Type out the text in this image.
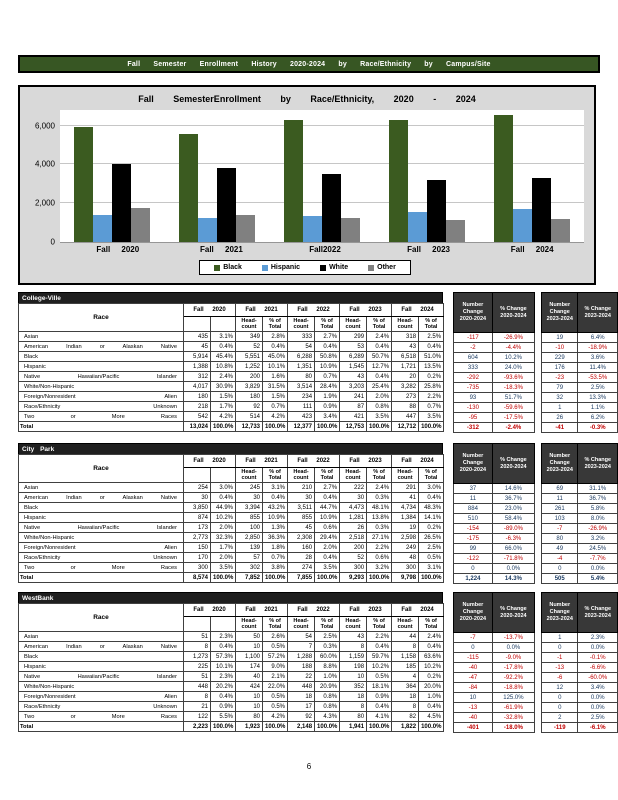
Fall Semester Enrollment History 2020-2024 by Race/Ethnicity by Campus/Site
Fall SemesterEnrollment by Race/Ethnicity, 2020 - 2024
0
2,000
4,000
6,000
Fall 2020	Fall 2021	Fall2022	Fall 2023	Fall 2024
Black	Hispanic	White	Other
College-Ville
Race	Fall 2020		Fall 2021		Fall 2022		Fall 2023		Fall 2024	
			Head-count	% of Total	Head-count	% of Total	Head-count	% of Total	Head-count	% of Total

Asian	435	3.1%	349	2.8%	333	2.7%	299	2.4%	318	2.5%

American Indian or Alaskan Native	45	0.4%	52	0.4%	54	0.4%	53	0.4%	43	0.4%

Black	5,914	45.4%	5,551	45.0%	6,288	50.8%	6,289	50.7%	6,518	51.0%

Hispanic	1,388	10.8%	1,252	10.1%	1,351	10.9%	1,545	12.7%	1,721	13.5%

Native Hawaiian/Pacific Islander	312	2.4%	200	1.6%	80	0.7%	43	0.4%	20	0.2%

White/Non-Hispanic	4,017	30.9%	3,829	31.5%	3,514	28.4%	3,203	25.4%	3,282	25.8%

Foreign/Nonresident Alien	180	1.5%	180	1.5%	234	1.9%	241	2.0%	273	2.2%

Race/Ethnicity Unknown	218	1.7%	92	0.7%	111	0.9%	87	0.8%	88	0.7%

Two or More Races	542	4.2%	514	4.2%	423	3.4%	421	3.5%	447	3.5%

Total	13,024	100.0%	12,733	100.0%	12,377	100.0%	12,753	100.0%	12,712	100.0%
Number Change
2020-2024	% Change
2020-2024
-117	-26.9%
-2	-4.4%
604	10.2%
333	24.0%
-292	-93.6%
-735	-18.3%
93	51.7%
-130	-59.6%
-95	-17.5%
-312	-2.4%
Number Change
2023-2024	% Change
2023-2024
19	6.4%
-10	-18.9%
229	3.6%
176	11.4%
-23	-53.5%
79	2.5%
32	13.3%
1	1.1%
26	6.2%
-41	-0.3%
City Park
Race	Fall 2020		Fall 2021		Fall 2022		Fall 2023		Fall 2024	
			Head-count	% of Total	Head-count	% of Total	Head-count	% of Total	Head-count	% of Total

Asian	254	3.0%	245	3.1%	210	2.7%	222	2.4%	291	3.0%

American Indian or Alaskan Native	30	0.4%	30	0.4%	30	0.4%	30	0.3%	41	0.4%

Black	3,850	44.9%	3,394	43.2%	3,511	44.7%	4,473	48.1%	4,734	48.3%

Hispanic	874	10.2%	855	10.9%	855	10.9%	1,281	13.8%	1,384	14.1%

Native Hawaiian/Pacific Islander	173	2.0%	100	1.3%	45	0.6%	26	0.3%	19	0.2%

White/Non-Hispanic	2,773	32.3%	2,850	36.3%	2,308	29.4%	2,518	27.1%	2,598	26.5%

Foreign/Nonresident Alien	150	1.7%	139	1.8%	160	2.0%	200	2.2%	249	2.5%

Race/Ethnicity Unknown	170	2.0%	57	0.7%	28	0.4%	52	0.6%	48	0.5%

Two or More Races	300	3.5%	302	3.8%	274	3.5%	300	3.2%	300	3.1%

Total	8,574	100.0%	7,852	100.0%	7,855	100.0%	9,293	100.0%	9,798	100.0%
Number Change
2020-2024	% Change
2020-2024
37	14.6%
11	36.7%
884	23.0%
510	58.4%
-154	-89.0%
-175	-6.3%
99	66.0%
-122	-71.8%
0	0.0%
1,224	14.3%
Number Change
2023-2024	% Change
2023-2024
69	31.1%
11	36.7%
261	5.8%
103	8.0%
-7	-26.9%
80	3.2%
49	24.5%
-4	-7.7%
0	0.0%
505	5.4%
WestBank
Race	Fall 2020		Fall 2021		Fall 2022		Fall 2023		Fall 2024	
			Head-count	% of Total	Head-count	% of Total	Head-count	% of Total	Head-count	% of Total

Asian	51	2.3%	50	2.6%	54	2.5%	43	2.2%	44	2.4%

American Indian or Alaskan Native	8	0.4%	10	0.5%	7	0.3%	8	0.4%	8	0.4%

Black	1,273	57.3%	1,100	57.2%	1,288	60.0%	1,159	59.7%	1,158	63.6%

Hispanic	225	10.1%	174	9.0%	188	8.8%	198	10.2%	185	10.2%

Native Hawaiian/Pacific Islander	51	2.3%	40	2.1%	22	1.0%	10	0.5%	4	0.2%

White/Non-Hispanic	448	20.2%	424	22.0%	448	20.9%	352	18.1%	364	20.0%

Foreign/Nonresident Alien	8	0.4%	10	0.5%	18	0.8%	18	0.9%	18	1.0%

Race/Ethnicity Unknown	21	0.9%	10	0.5%	17	0.8%	8	0.4%	8	0.4%

Two or More Races	122	5.5%	80	4.2%	92	4.3%	80	4.1%	82	4.5%

Total	2,223	100.0%	1,923	100.0%	2,148	100.0%	1,941	100.0%	1,822	100.0%
Number Change
2020-2024	% Change
2020-2024
-7	-13.7%
0	0.0%
-115	-9.0%
-40	-17.8%
-47	-92.2%
-84	-18.8%
10	125.0%
-13	-61.9%
-40	-32.8%
-401	-18.0%
Number Change
2023-2024	% Change
2023-2024
1	2.3%
0	0.0%
-1	-0.1%
-13	-6.6%
-6	-60.0%
12	3.4%
0	0.0%
0	0.0%
2	2.5%
-119	-6.1%
6
